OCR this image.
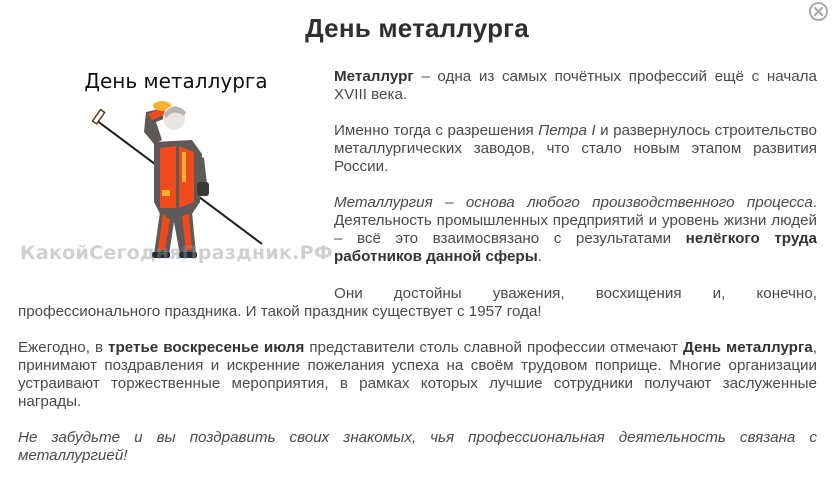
День металлурга
День металлурга
КакойСегодняПраздник.РФ

Металлург – одна из самых почётных профессий ещё с начала XVIII века.

Именно тогда с разрешения Петра I и развернулось строительство металлургических заводов, что стало новым этапом развития России.

Металлургия – основа любого производственного процесса. Деятельность промышленных предприятий и уровень жизни людей – всё это взаимосвязано с результатами нелёгкого труда работников данной сферы.

Они достойны уважения, восхищения и, конечно, профессионального праздника. И такой праздник существует с 1957 года!

Ежегодно, в третье воскресенье июля представители столь славной профессии отмечают День металлурга, принимают поздравления и искренние пожелания успеха на своём трудовом поприще. Многие организации устраивают торжественные мероприятия, в рамках которых лучшие сотрудники получают заслуженные награды.

Не забудьте и вы поздравить своих знакомых, чья профессиональная деятельность связана с металлургией!
